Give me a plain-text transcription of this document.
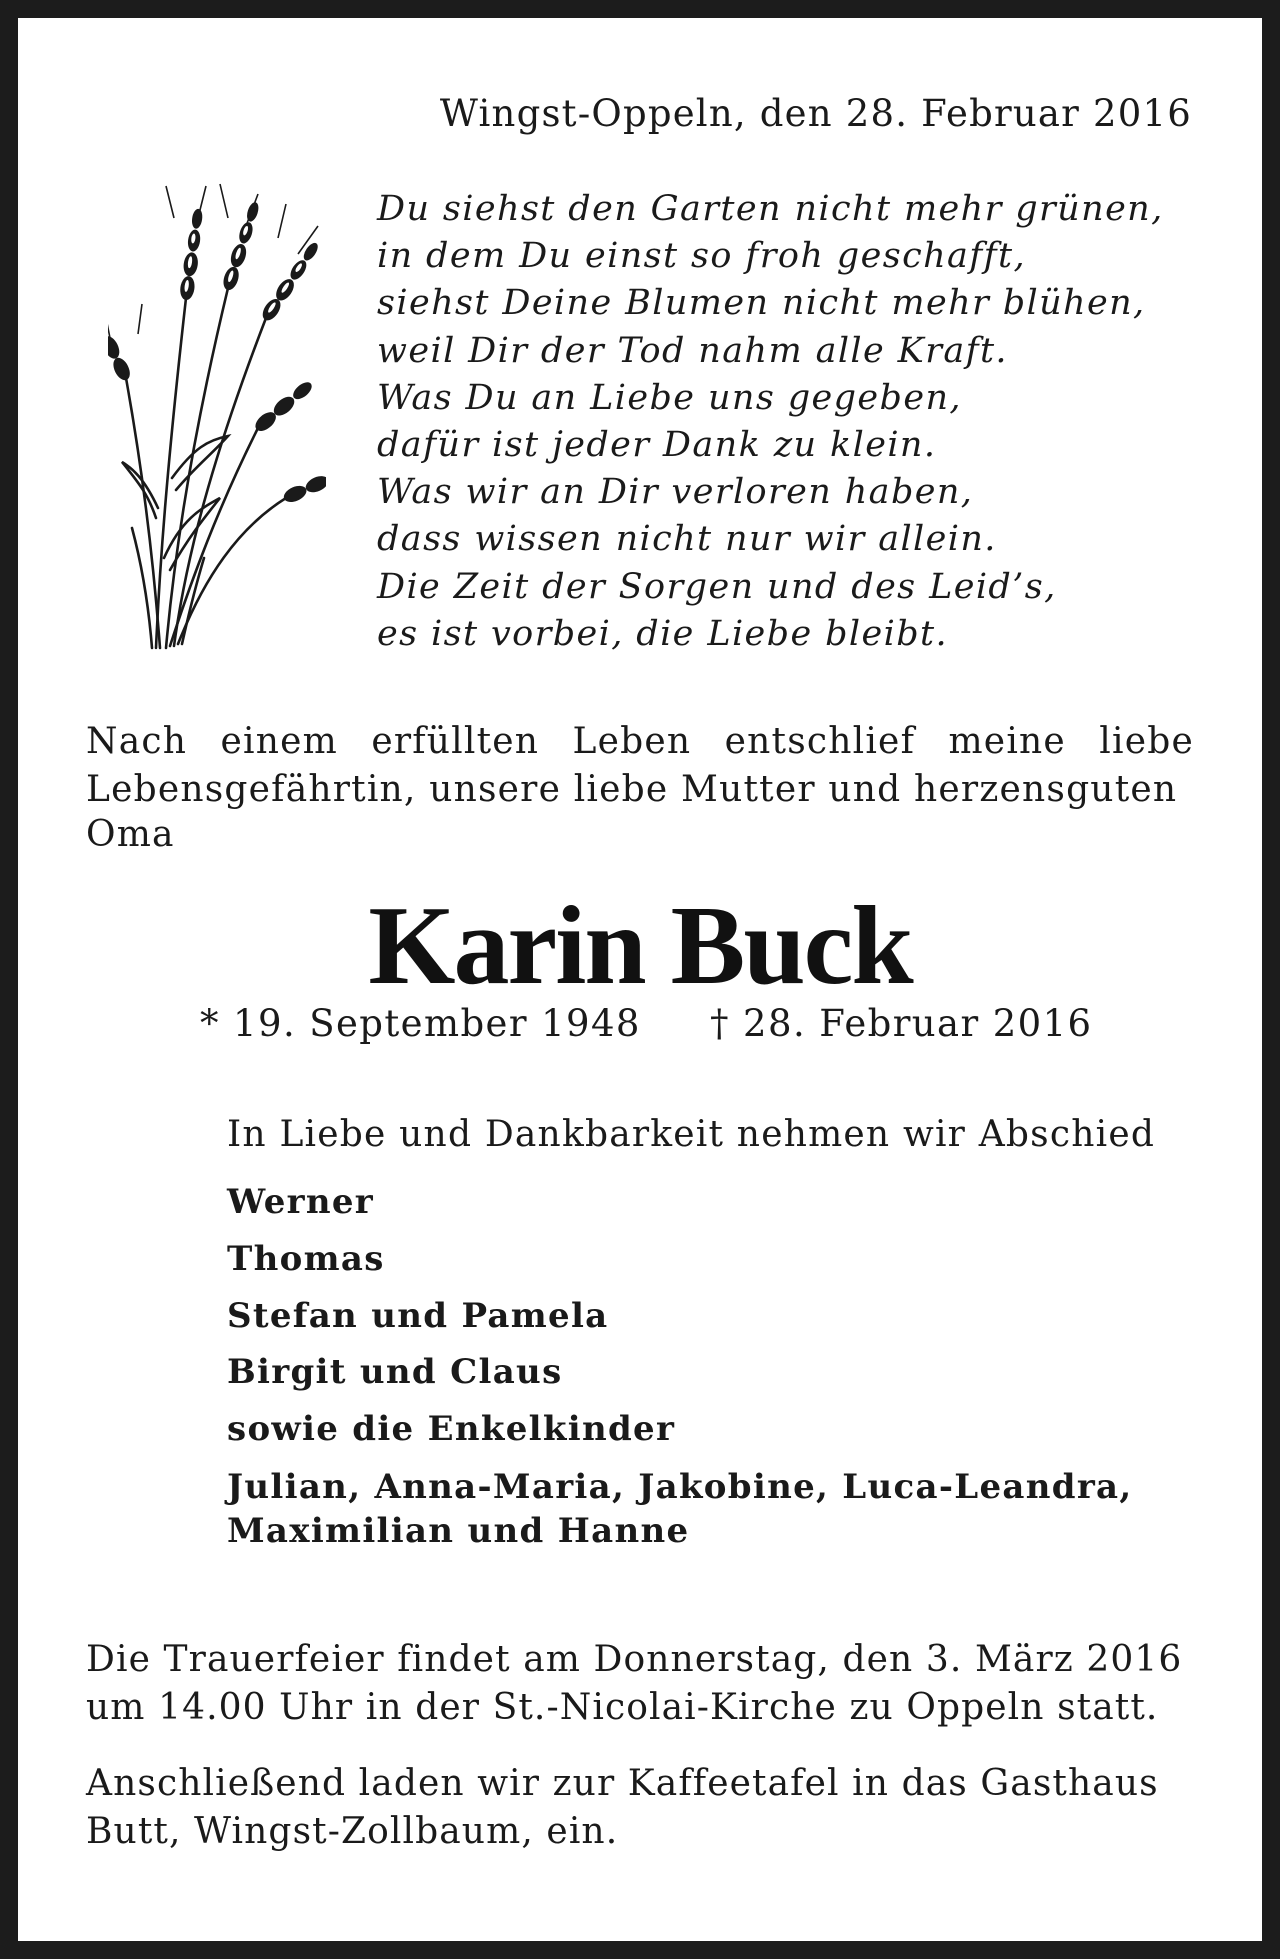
Wingst-Oppeln, den 28. Februar 2016
Du siehst den Garten nicht mehr grünen,
in dem Du einst so froh geschafft,
siehst Deine Blumen nicht mehr blühen,
weil Dir der Tod nahm alle Kraft.
Was Du an Liebe uns gegeben,
dafür ist jeder Dank zu klein.
Was wir an Dir verloren haben,
dass wissen nicht nur wir allein.
Die Zeit der Sorgen und des Leid’s,
es ist vorbei, die Liebe bleibt.
Nach einem erfüllten Leben entschlief meine liebe Lebensgefährtin, unsere liebe Mutter und herzensguten
Oma
Karin Buck
* 19. September 1948 † 28. Februar 2016
In Liebe und Dankbarkeit nehmen wir Abschied
Werner
Thomas
Stefan und Pamela
Birgit und Claus
sowie die Enkelkinder
Julian, Anna-Maria, Jakobine, Luca-Leandra,
Maximilian und Hanne
Die Trauerfeier findet am Donnerstag, den 3. März 2016
um 14.00 Uhr in der St.-Nicolai-Kirche zu Oppeln statt.
Anschließend laden wir zur Kaffeetafel in das Gasthaus
Butt, Wingst-Zollbaum, ein.
